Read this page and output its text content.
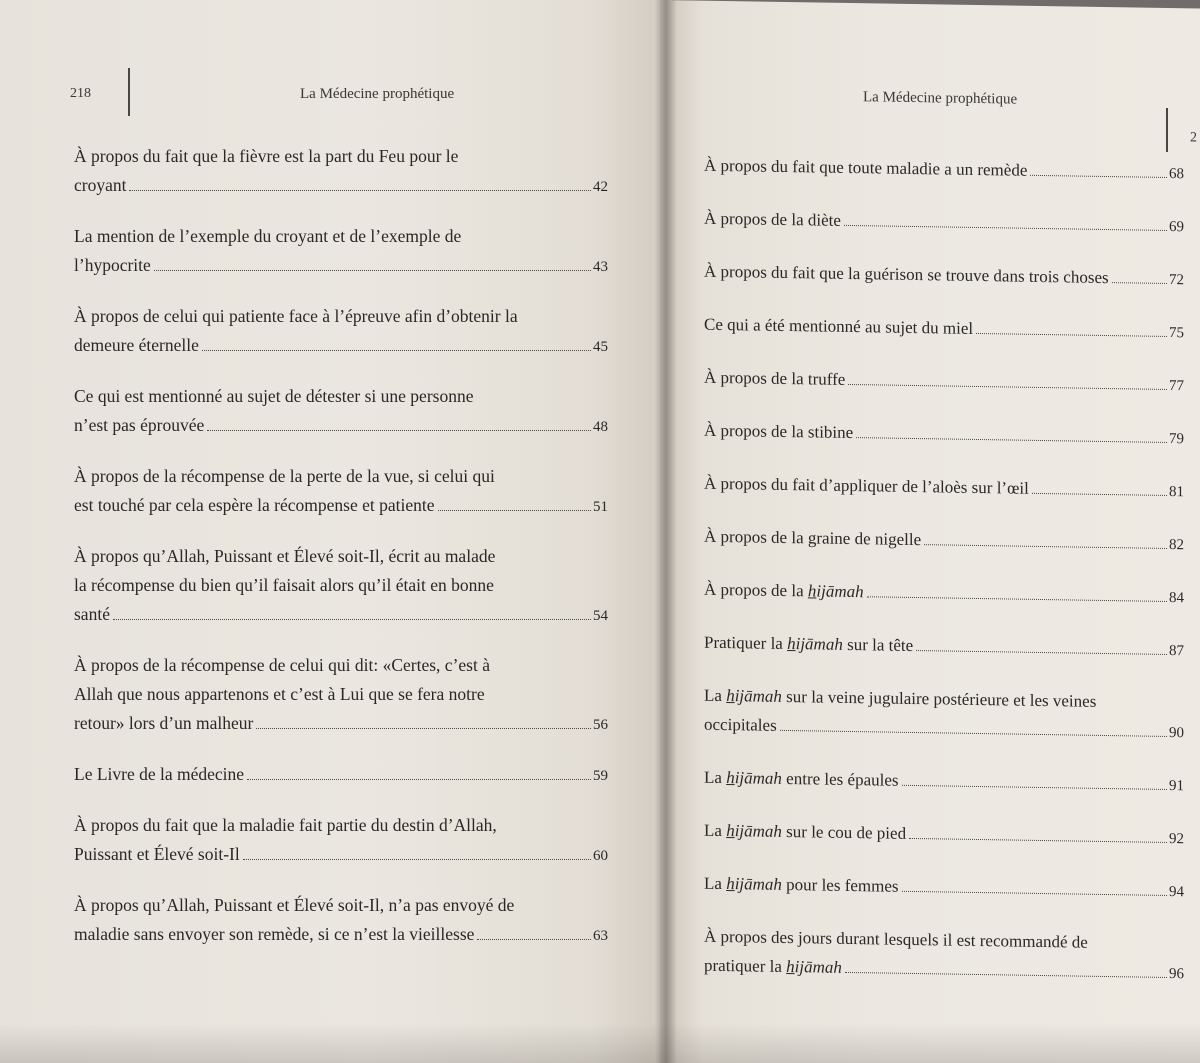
218	La Médecine prophétique
À propos du fait que la fièvre est la part du Feu pour le
croyant	42
La mention de l’exemple du croyant et de l’exemple de
l’hypocrite	43
À propos de celui qui patiente face à l’épreuve afin d’obtenir la
demeure éternelle	45
Ce qui est mentionné au sujet de détester si une personne
n’est pas éprouvée	48
À propos de la récompense de la perte de la vue, si celui qui
est touché par cela espère la récompense et patiente	51
À propos qu’Allah, Puissant et Élevé soit-Il, écrit au malade
la récompense du bien qu’il faisait alors qu’il était en bonne
santé	54
À propos de la récompense de celui qui dit: «Certes, c’est à
Allah que nous appartenons et c’est à Lui que se fera notre
retour» lors d’un malheur	56
Le Livre de la médecine	59
À propos du fait que la maladie fait partie du destin d’Allah,
Puissant et Élevé soit-Il	60
À propos qu’Allah, Puissant et Élevé soit-Il, n’a pas envoyé de
maladie sans envoyer son remède, si ce n’est la vieillesse	63
La Médecine prophétique
2
À propos du fait que toute maladie a un remède	68
À propos de la diète	69
À propos du fait que la guérison se trouve dans trois choses	72
Ce qui a été mentionné au sujet du miel	75
À propos de la truffe	77
À propos de la stibine	79
À propos du fait d’appliquer de l’aloès sur l’œil	81
À propos de la graine de nigelle	82
À propos de la hijāmah	84
Pratiquer la hijāmah sur la tête	87
La hijāmah sur la veine jugulaire postérieure et les veines
occipitales	90
La hijāmah entre les épaules	91
La hijāmah sur le cou de pied	92
La hijāmah pour les femmes	94
À propos des jours durant lesquels il est recommandé de
pratiquer la hijāmah	96
